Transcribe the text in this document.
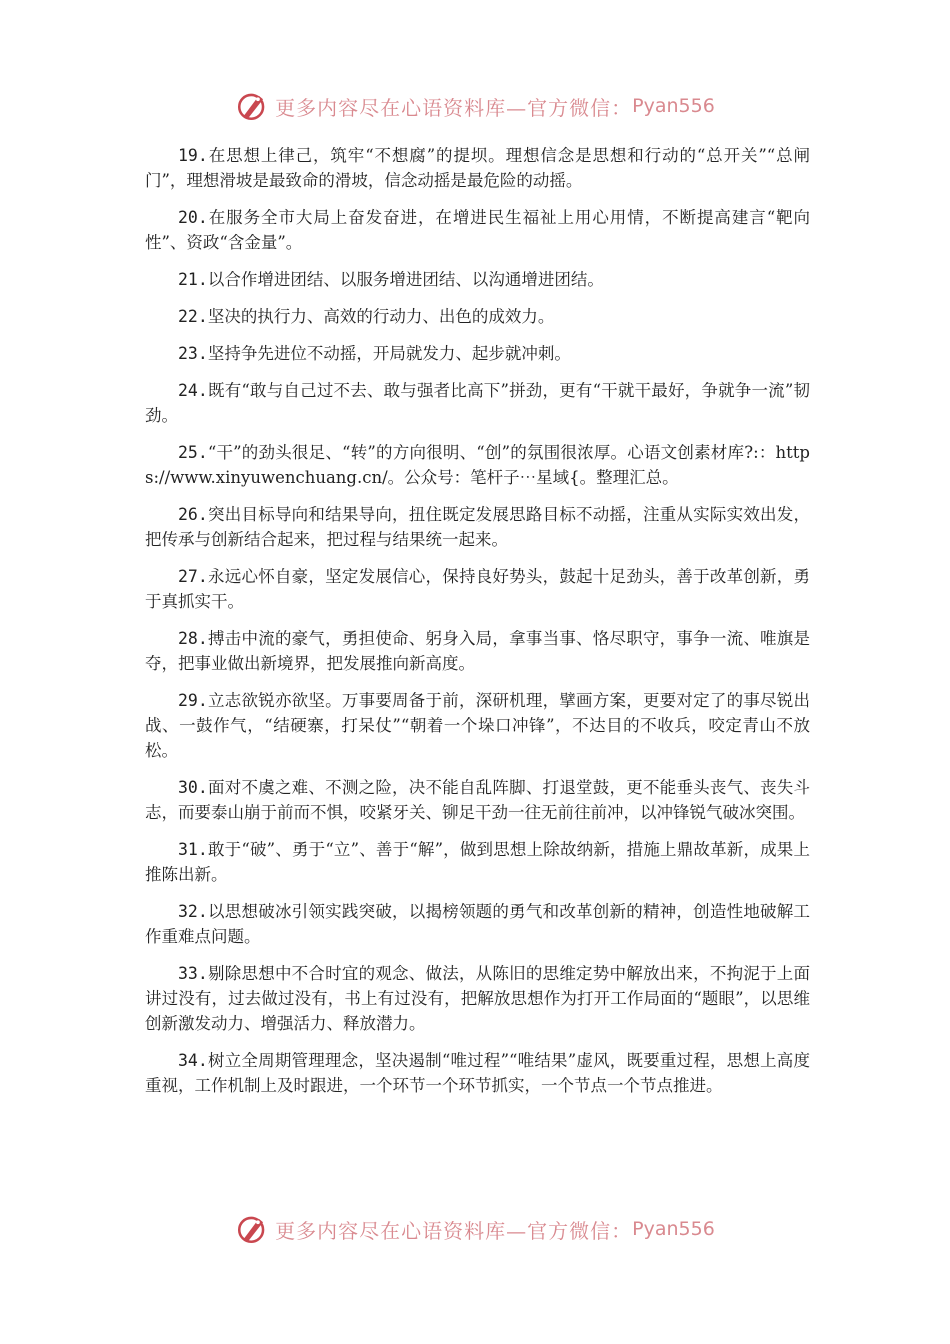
更多内容尽在心语资料库—官方微信： Pyan556

19.在思想上律己，筑牢“不想腐”的提坝。理想信念是思想和行动的“总开关”“总闸门”，理想滑坡是最致命的滑坡，信念动摇是最危险的动摇。

20.在服务全市大局上奋发奋进，在增进民生福祉上用心用情，不断提高建言“靶向性”、资政“含金量”。

21.以合作增进团结、以服务增进团结、以沟通增进团结。

22.坚决的执行力、高效的行动力、出色的成效力。

23.坚持争先进位不动摇，开局就发力、起步就冲刺。

24.既有“敢与自己过不去、敢与强者比高下”拼劲，更有“干就干最好，争就争一流”韧劲。

25.“干”的劲头很足、“转”的方向很明、“创”的氛围很浓厚。心语文创素材库?:：https://www.xinyuwenchuang.cn/。公众号：笔杆子⋯星域{。整理汇总。

26.突出目标导向和结果导向，扭住既定发展思路目标不动摇，注重从实际实效出发，把传承与创新结合起来，把过程与结果统一起来。

27.永远心怀自豪，坚定发展信心，保持良好势头，鼓起十足劲头，善于改革创新，勇于真抓实干。

28.搏击中流的豪气，勇担使命、躬身入局，拿事当事、恪尽职守，事争一流、唯旗是夺，把事业做出新境界，把发展推向新高度。

29.立志欲锐亦欲坚。万事要周备于前，深研机理，擘画方案，更要对定了的事尽锐出战、一鼓作气，“结硬寨，打呆仗”“朝着一个垛口冲锋”，不达目的不收兵，咬定青山不放松。

30.面对不虞之难、不测之险，决不能自乱阵脚、打退堂鼓，更不能垂头丧气、丧失斗志，而要泰山崩于前而不惧，咬紧牙关、铆足干劲一往无前往前冲，以冲锋锐气破冰突围。

31.敢于“破”、勇于“立”、善于“解”，做到思想上除故纳新，措施上鼎故革新，成果上推陈出新。

32.以思想破冰引领实践突破，以揭榜领题的勇气和改革创新的精神，创造性地破解工作重难点问题。

33.剔除思想中不合时宜的观念、做法，从陈旧的思维定势中解放出来，不拘泥于上面讲过没有，过去做过没有，书上有过没有，把解放思想作为打开工作局面的“题眼”，以思维创新激发动力、增强活力、释放潜力。

34.树立全周期管理理念，坚决遏制“唯过程”“唯结果”虚风，既要重过程，思想上高度重视，工作机制上及时跟进，一个环节一个环节抓实，一个节点一个节点推进。

更多内容尽在心语资料库—官方微信： Pyan556
